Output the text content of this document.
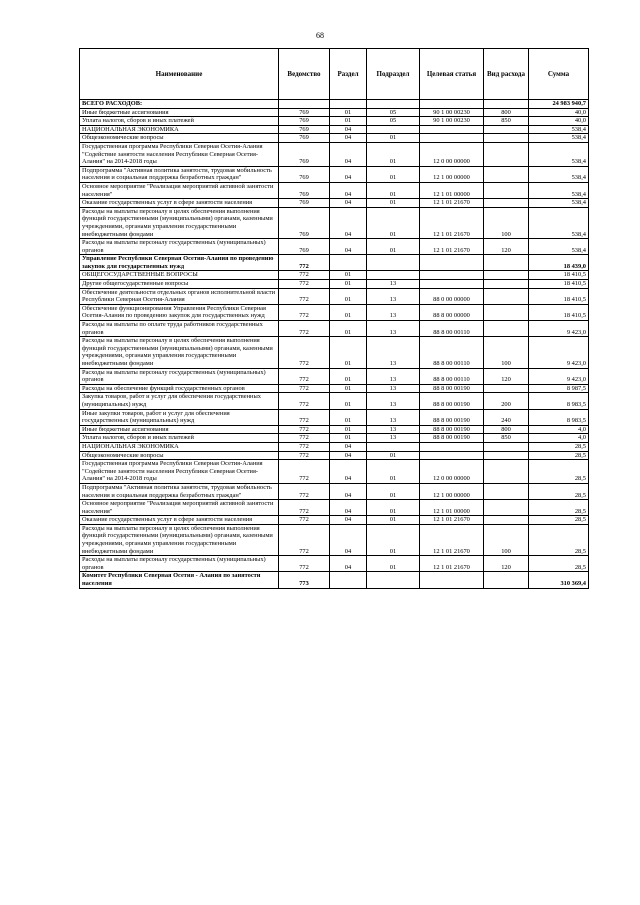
68
Наименование	Ведомство	Раздел	Подраздел	Целевая статья	Вид расхода	Сумма
ВСЕГО РАСХОДОВ:						24 983 940,7
Иные бюджетные ассигнования	769	01	05	90 1 00 00230	800	40,0
Уплата налогов, сборов и иных платежей	769	01	05	90 1 00 00230	850	40,0
НАЦИОНАЛЬНАЯ ЭКОНОМИКА	769	04				538,4
Общеэкономические вопросы	769	04	01			538,4
Государственная программа Республики Северная Осетия-Алания "Содействие занятости населения Республики Северная Осетия-Алания" на 2014-2018 годы	769	04	01	12 0 00 00000		538,4
Подпрограмма "Активная политика занятости, трудовая мобильность населения и социальная поддержка безработных граждан"	769	04	01	12 1 00 00000		538,4
Основное мероприятие "Реализация мероприятий активной занятости населения"	769	04	01	12 1 01 00000		538,4
Оказание государственных услуг в сфере занятости населения	769	04	01	12 1 01 21670		538,4
Расходы на выплаты персоналу в целях обеспечения выполнения функций государственными (муниципальными) органами, казенными учреждениями, органами управления государственными внебюджетными фондами	769	04	01	12 1 01 21670	100	538,4
Расходы на выплаты персоналу государственных (муниципальных) органов	769	04	01	12 1 01 21670	120	538,4
Управление Республики Северная Осетия-Алания по проведению закупок для государственных нужд	772					18 439,0
ОБЩЕГОСУДАРСТВЕННЫЕ ВОПРОСЫ	772	01				18 410,5
Другие общегосударственные вопросы	772	01	13			18 410,5
Обеспечение деятельности отдельных органов исполнительной власти Республики Северная Осетия-Алания	772	01	13	88 0 00 00000		18 410,5
Обеспечение функционирования Управления Республики Северная Осетия-Алания по проведению закупок для государственных нужд	772	01	13	88 8 00 00000		18 410,5
Расходы на выплаты по оплате труда работников государственных органов	772	01	13	88 8 00 00110		9 423,0
Расходы на выплаты персоналу в целях обеспечения выполнения функций государственными (муниципальными) органами, казенными учреждениями, органами управления государственными внебюджетными фондами	772	01	13	88 8 00 00110	100	9 423,0
Расходы на выплаты персоналу государственных (муниципальных) органов	772	01	13	88 8 00 00110	120	9 423,0
Расходы на обеспечение функций государственных органов	772	01	13	88 8 00 00190		8 987,5
Закупка товаров, работ и услуг для обеспечения государственных (муниципальных) нужд	772	01	13	88 8 00 00190	200	8 983,5
Иные закупки товаров, работ и услуг для обеспечения государственных (муниципальных) нужд	772	01	13	88 8 00 00190	240	8 983,5
Иные бюджетные ассигнования	772	01	13	88 8 00 00190	800	4,0
Уплата налогов, сборов и иных платежей	772	01	13	88 8 00 00190	850	4,0
НАЦИОНАЛЬНАЯ ЭКОНОМИКА	772	04				28,5
Общеэкономические вопросы	772	04	01			28,5
Государственная программа Республики Северная Осетия-Алания "Содействие занятости населения Республики Северная Осетия-Алания" на 2014-2018 годы	772	04	01	12 0 00 00000		28,5
Подпрограмма "Активная политика занятости, трудовая мобильность населения и социальная поддержка безработных граждан"	772	04	01	12 1 00 00000		28,5
Основное мероприятие "Реализация мероприятий активной занятости населения"	772	04	01	12 1 01 00000		28,5
Оказание государственных услуг в сфере занятости населения	772	04	01	12 1 01 21670		28,5
Расходы на выплаты персоналу в целях обеспечения выполнения функций государственными (муниципальными) органами, казенными учреждениями, органами управления государственными внебюджетными фондами	772	04	01	12 1 01 21670	100	28,5
Расходы на выплаты персоналу государственных (муниципальных) органов	772	04	01	12 1 01 21670	120	28,5
Комитет Республики Северная Осетия - Алания по занятости населения	773					310 369,4
